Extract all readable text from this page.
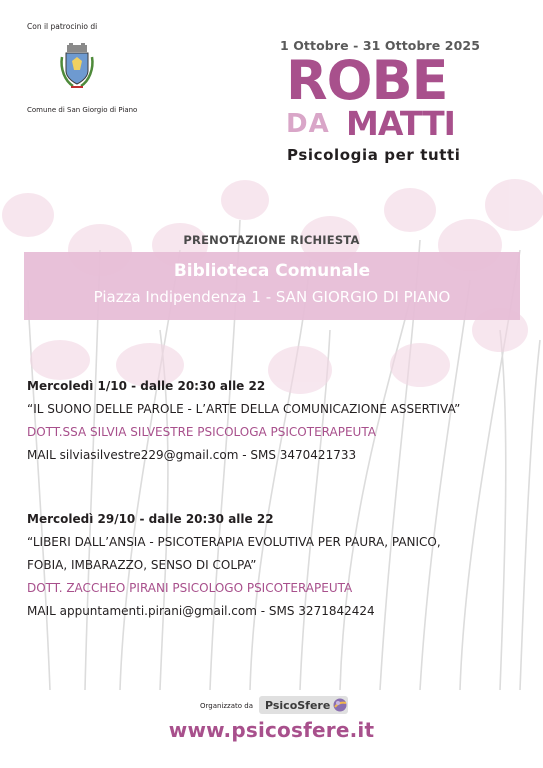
Con il patrocinio di
Comune di San Giorgio di Piano
1 Ottobre - 31 Ottobre 2025
ROBE
DA MATTI
Psicologia per tutti
PRENOTAZIONE RICHIESTA
Biblioteca Comunale
Piazza Indipendenza 1 - SAN GIORGIO DI PIANO
Mercoledì 1/10 - dalle 20:30 alle 22
“IL SUONO DELLE PAROLE - L’ARTE DELLA COMUNICAZIONE ASSERTIVA”
DOTT.SSA SILVIA SILVESTRE PSICOLOGA PSICOTERAPEUTA
MAIL silviasilvestre229@gmail.com - SMS 3470421733
Mercoledì 29/10 - dalle 20:30 alle 22
“LIBERI DALL’ANSIA - PSICOTERAPIA EVOLUTIVA PER PAURA, PANICO,
FOBIA, IMBARAZZO, SENSO DI COLPA”
DOTT. ZACCHEO PIRANI PSICOLOGO PSICOTERAPEUTA
MAIL appuntamenti.pirani@gmail.com - SMS 3271842424
Organizzato da PsicoSfere
www.psicosfere.it
